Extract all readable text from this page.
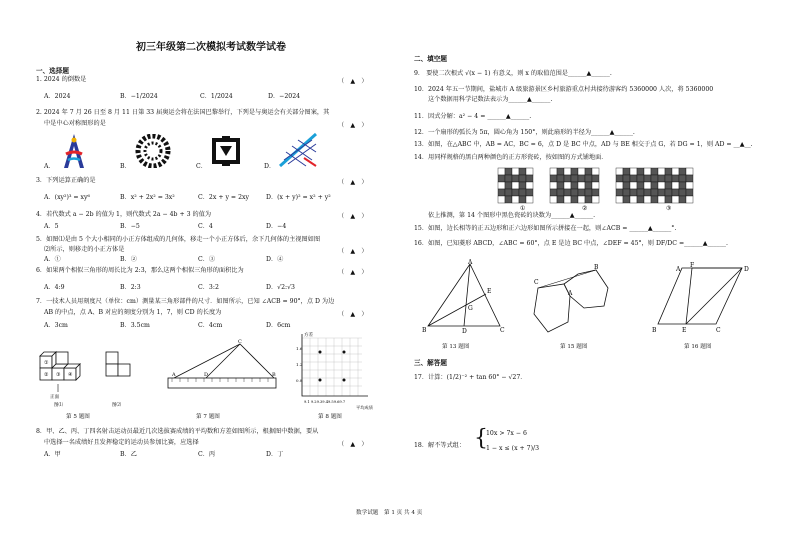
初三年级第二次模拟考试数学试卷
一、选择题
1. 2024 的倒数是	（　▲　）
A．2024	B．−1/2024	C．1/2024	D．−2024
2. 2024 年 7 月 26 日至 8 月 11 日第 33 届奥运会将在法国巴黎举行，下列是与奥运会有关部分图案，其
中是中心对称图形的是	（　▲　）
A．	B．	C．	D．
3．下列运算正确的是	（　▲　）
A．(xy²)³ = xy⁶	B．x² + 2x² = 3x²	C．2x + y = 2xy	D．(x + y)² = x² + y²
4．若代数式 a − 2b 的值为 1，则代数式 2a − 4b + 3 的值为	（　▲　）
A．5	B．−5	C．4	D．−4
5．如图⑴是由 5 个大小相同的小正方体组成的几何体，移走一个小正方体后，余下几何体的主视图如图
⑵所示，则移走的小正方体是	（　▲　）
A．①	B．②	C．③	D．④
6．如果两个相似三角形的周长比为 2:3，那么这两个相似三角形的面积比为	（　▲　）
A．4:9	B．2:3	C．3:2	D．√2:√3
7．一技术人员用刻度尺（单位：cm）测量某三角形部件的尺寸．如图所示，已知 ∠ACB = 90°，点 D 为边
AB 的中点，点 A、B 对应的刻度分别为 1，7，则 CD 的长度为	（　▲　）
A．3cm	B．3.5cm	C．4cm	D．6cm
①
② ③ ④
正面
图⑴	图⑵
第 5 题图
C
A	D	B
第 7 题图
方差
1.6
1.2
0.8
9.1 9.29.39.49.59.69.7
平均成绩
第 8 题图
8．甲、乙、丙、丁四名射击运动员最近几次选拔赛成绩的平均数和方差如图所示，根据图中数据，要从
中选择一名成绩好且发挥稳定的运动员参加比赛，应选择	（　▲　）
A．甲	B．乙	C．丙	D．丁
二、填空题
9． 要使二次根式 √(x − 1) 有意义，则 x 的取值范围是______▲______.
10．2024 年五一节期间，盐城市 A 级旅游景区乡村旅游重点村共接待游客约 5360000 人次，将 5360000
这个数据用科学记数法表示为______▲______.
11．因式分解：a² − 4 = ______▲______.
12．一个扇形的弧长为 5π，圆心角为 150°，则此扇形的半径为______▲______.
13．如图，在△ABC 中，AB = AC，BC = 6，点 D 是 BC 中点，AD 与 BE 相交于点 G，若 DG = 1，则 AD = __▲__.
14．用同样规格的黑白两种颜色的正方形瓷砖，按如图的方式铺地面．
①	②	③
依上推测，第 14 个图形中黑色瓷砖的块数为______▲______.
15．如图，边长相等的正五边形和正六边形如图所示拼接在一起，则∠ACB = ______▲______°.
16．如图，已知菱形 ABCD，∠ABC = 60°，点 E 是边 BC 中点，∠DEF = 45°，则 DF/DC =______▲______.
A
B	C
D
E
G
第 13 题图
C
B
A
第 15 题图
A
F
D
B	E	C
第 16 题图
三、解答题
17．计算：(1/2)⁻² + tan 60° − √27．
18．解不等式组： {
10x > 7x − 6
1 − x ≤ (x + 7)/3
数学试题　第 1 页 共 4 页
